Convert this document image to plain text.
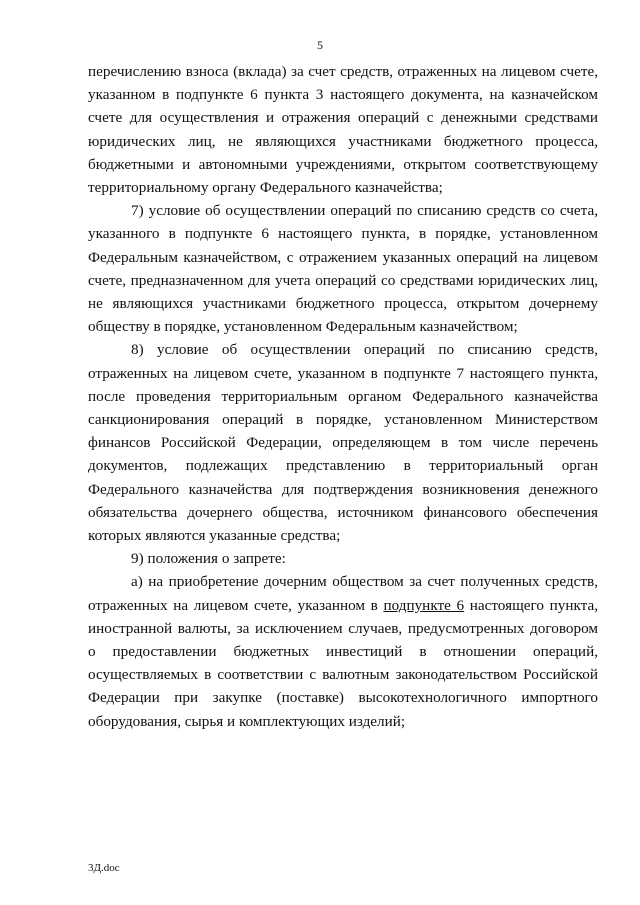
5

перечислению взноса (вклада) за счет средств, отраженных на лицевом счете, указанном в подпункте 6 пункта 3 настоящего документа, на казначейском счете для осуществления и отражения операций с денежными средствами юридических лиц, не являющихся участниками бюджетного процесса, бюджетными и автономными учреждениями, открытом соответствующему территориальному органу Федерального казначейства;

7) условие об осуществлении операций по списанию средств со счета, указанного в подпункте 6 настоящего пункта, в порядке, установленном Федеральным казначейством, с отражением указанных операций на лицевом счете, предназначенном для учета операций со средствами юридических лиц, не являющихся участниками бюджетного процесса, открытом дочернему обществу в порядке, установленном Федеральным казначейством;

8) условие об осуществлении операций по списанию средств, отраженных на лицевом счете, указанном в подпункте 7 настоящего пункта, после проведения территориальным органом Федерального казначейства санкционирования операций в порядке, установленном Министерством финансов Российской Федерации, определяющем в том числе перечень документов, подлежащих представлению в территориальный орган Федерального казначейства для подтверждения возникновения денежного обязательства дочернего общества, источником финансового обеспечения которых являются указанные средства;

9) положения о запрете:

а) на приобретение дочерним обществом за счет полученных средств, отраженных на лицевом счете, указанном в подпункте 6 настоящего пункта, иностранной валюты, за исключением случаев, предусмотренных договором о предоставлении бюджетных инвестиций в отношении операций, осуществляемых в соответствии с валютным законодательством Российской Федерации при закупке (поставке) высокотехнологичного импортного оборудования, сырья и комплектующих изделий;

3Д.doc
